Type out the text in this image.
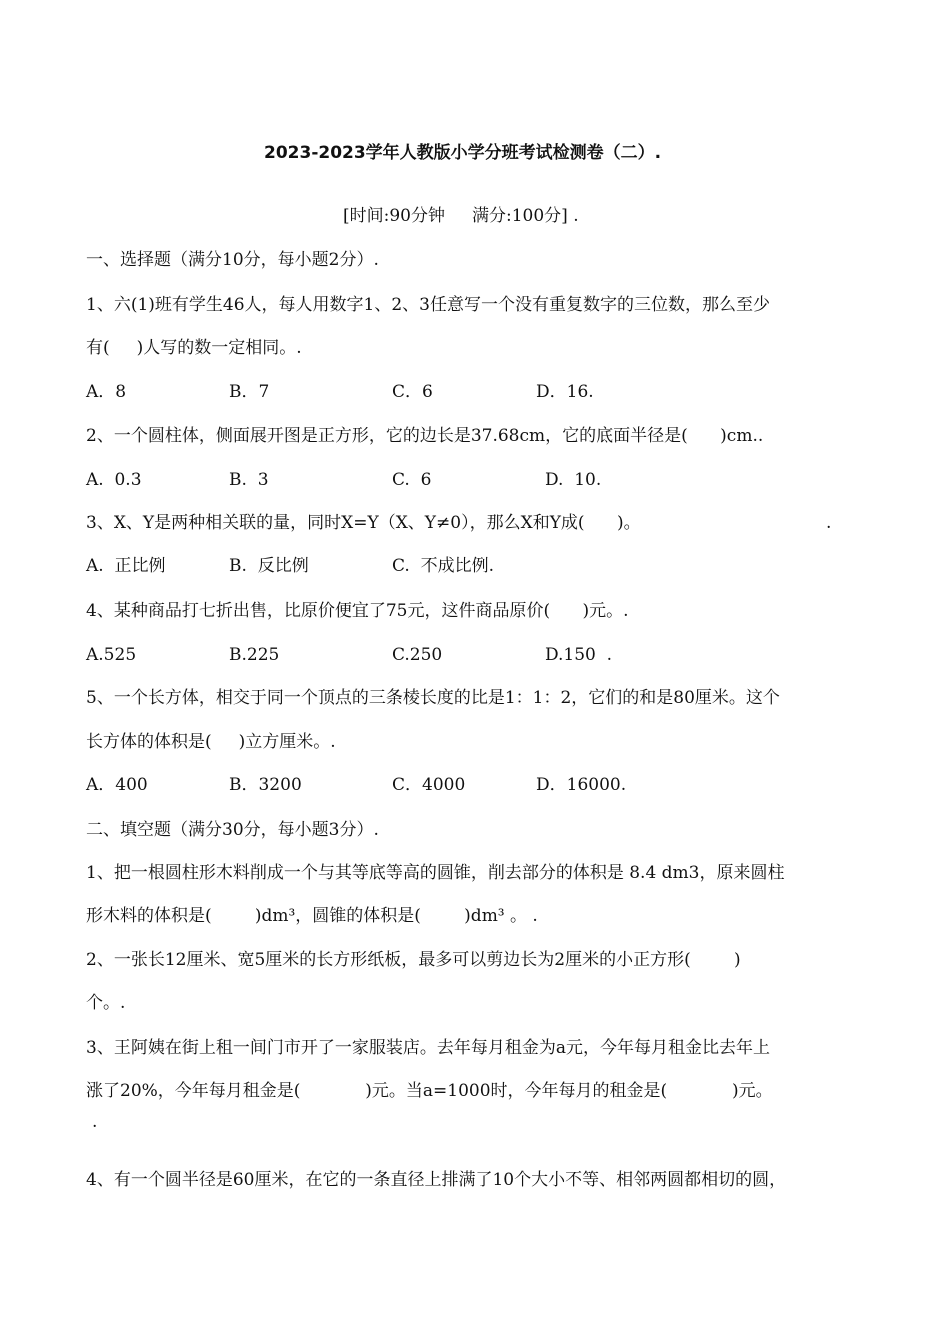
2023-2023学年人教版小学分班考试检测卷（二）.
[时间:90分钟     满分:100分] .
一、选择题（满分10分，每小题2分）.
1、六(1)班有学生46人，每人用数字1、2、3任意写一个没有重复数字的三位数，那么至少
有(     )人写的数一定相同。.
A．8	B．7	C．6	D．16.
2、一个圆柱体，侧面展开图是正方形，它的边长是37.68cm，它的底面半径是(      )cm..
A.  0.3	B.  3	C.  6	D.  10.
3、X、Y是两种相关联的量，同时X=Y（X、Y≠0），那么X和Y成(      )。	.
A.  正比例	B.  反比例	C.  不成比例.
4、某种商品打七折出售，比原价便宜了75元，这件商品原价(      )元。.
A.525	B.225	C.250	D.150  .
5、一个长方体，相交于同一个顶点的三条棱长度的比是1：1：2，它们的和是80厘米。这个
长方体的体积是(     )立方厘米。.
A．400	B．3200	C．4000	D．16000.
二、填空题（满分30分，每小题3分）.
1、把一根圆柱形木料削成一个与其等底等高的圆锥，削去部分的体积是 8.4 dm3，原来圆柱
形木料的体积是(        )dm³，圆锥的体积是(        )dm³ 。 .
2、一张长12厘米、宽5厘米的长方形纸板，最多可以剪边长为2厘米的小正方形(        )
个。.
3、王阿姨在街上租一间门市开了一家服装店。去年每月租金为a元，今年每月租金比去年上
涨了20%，今年每月租金是(            )元。当a=1000时，今年每月的租金是(            )元。
.
4、有一个圆半径是60厘米，在它的一条直径上排满了10个大小不等、相邻两圆都相切的圆，
